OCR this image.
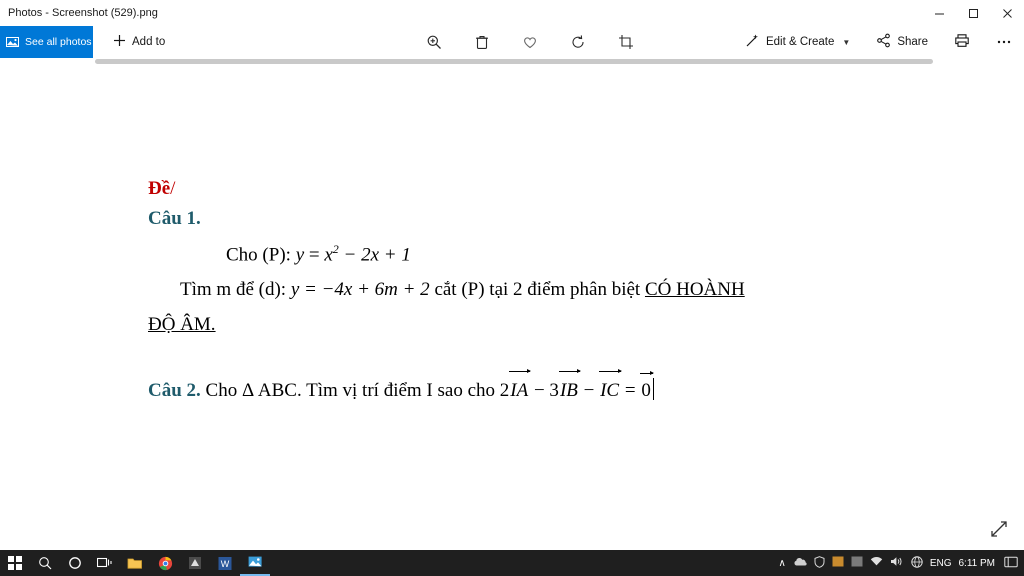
Photos - Screenshot (529).png
See all photos	Add to	Edit & Create ▼	Share
Đề/
Câu 1.
Cho (P): $y = x^2 - 2x + 1$
Tìm m để (d): y = −4x + 6m + 2 cắt (P) tại 2 điểm phân biệt CÓ HOÀNH
ĐỘ ÂM.
Câu 2. Cho Δ ABC. Tìm vị trí điểm I sao cho 2IA − 3IB − IC = 0
W	∧	ENG 6:11 PM
